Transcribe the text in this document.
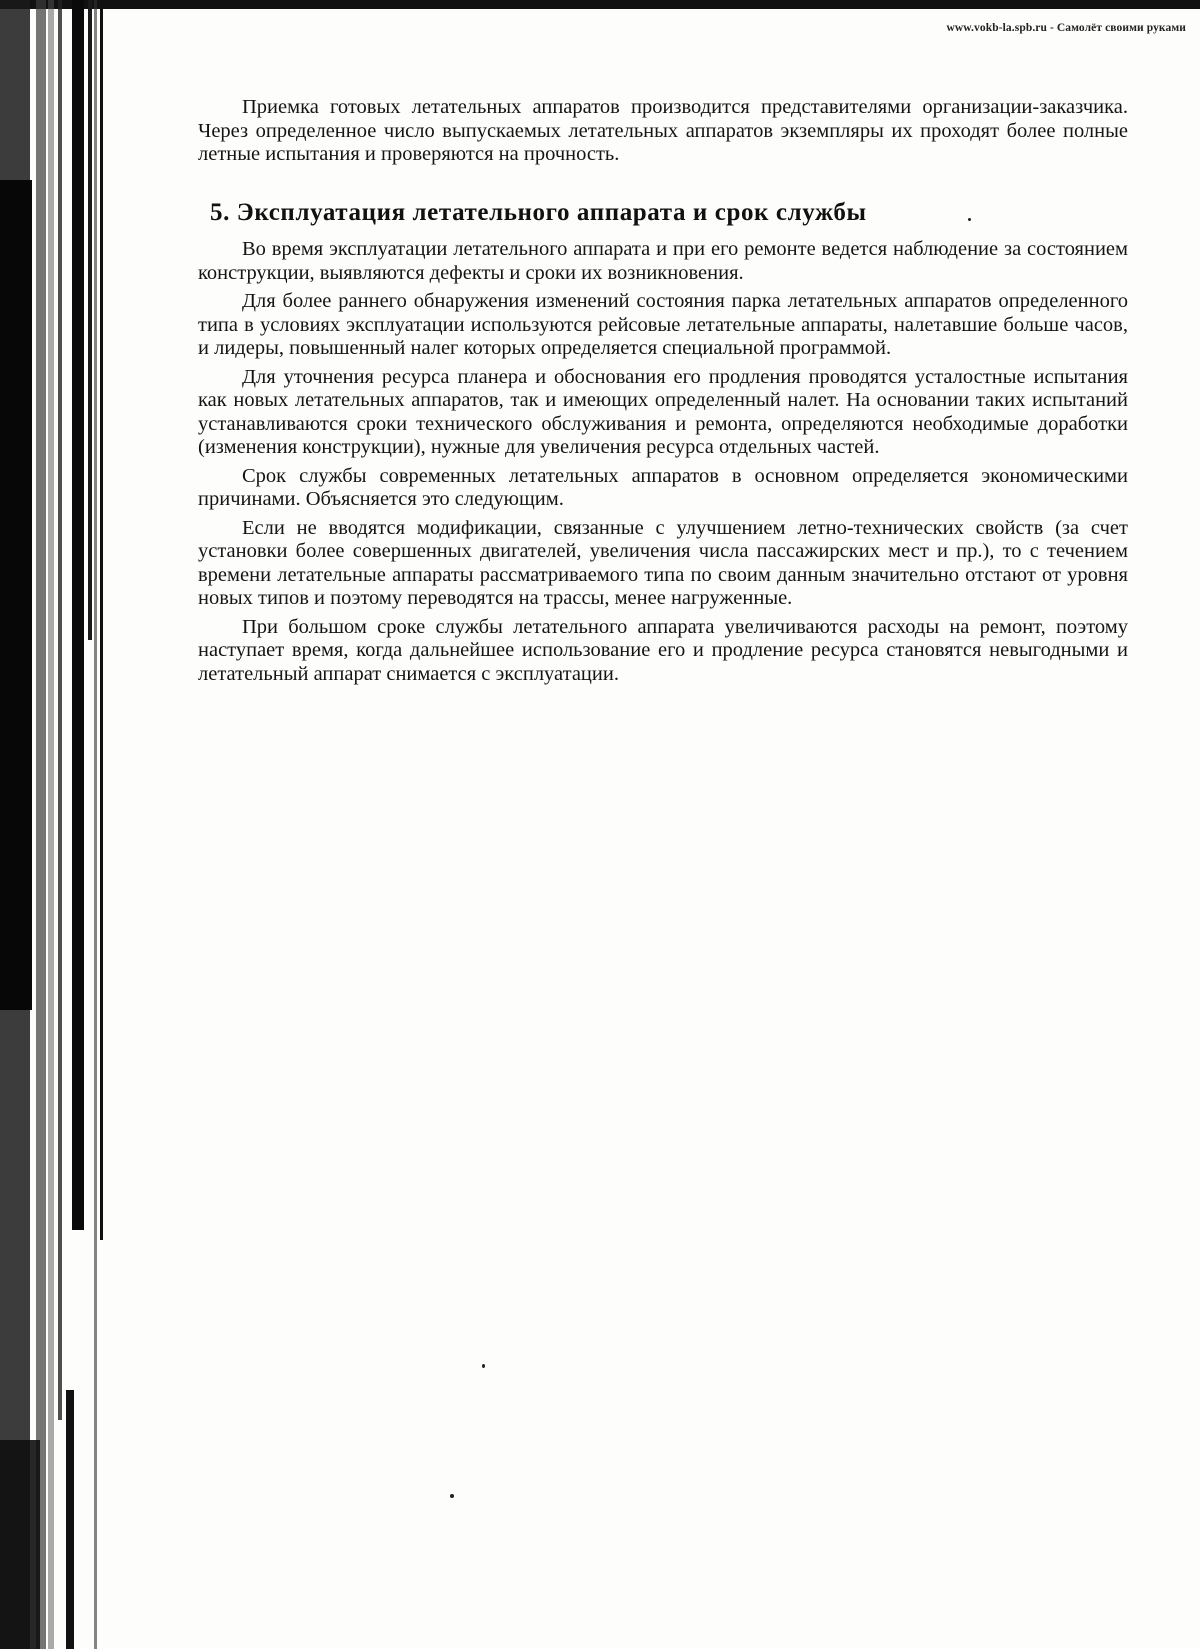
www.vokb-la.spb.ru - Самолёт своими руками

Приемка готовых летательных аппаратов производится представителями организации-заказчика. Через определенное число выпускаемых летательных аппаратов экземпляры их проходят более полные летные испытания и проверяются на прочность.

5. Эксплуатация летательного аппарата и срок службы

Во время эксплуатации летательного аппарата и при его ремонте ведется наблюдение за состоянием конструкции, выявляются дефекты и сроки их возникновения.

Для более раннего обнаружения изменений состояния парка летательных аппаратов определенного типа в условиях эксплуатации используются рейсовые летательные аппараты, налетавшие больше часов, и лидеры, повышенный налег которых определяется специальной программой.

Для уточнения ресурса планера и обоснования его продления проводятся усталостные испытания как новых летательных аппаратов, так и имеющих определенный налет. На основании таких испытаний устанавливаются сроки технического обслуживания и ремонта, определяются необходимые доработки (изменения конструкции), нужные для увеличения ресурса отдельных частей.

Срок службы современных летательных аппаратов в основном определяется экономическими причинами. Объясняется это следующим.

Если не вводятся модификации, связанные с улучшением летно-технических свойств (за счет установки более совершенных двигателей, увеличения числа пассажирских мест и пр.), то с течением времени летательные аппараты рассматриваемого типа по своим данным значительно отстают от уровня новых типов и поэтому переводятся на трассы, менее нагруженные.

При большом сроке службы летательного аппарата увеличиваются расходы на ремонт, поэтому наступает время, когда дальнейшее использование его и продление ресурса становятся невыгодными и летательный аппарат снимается с эксплуатации.
